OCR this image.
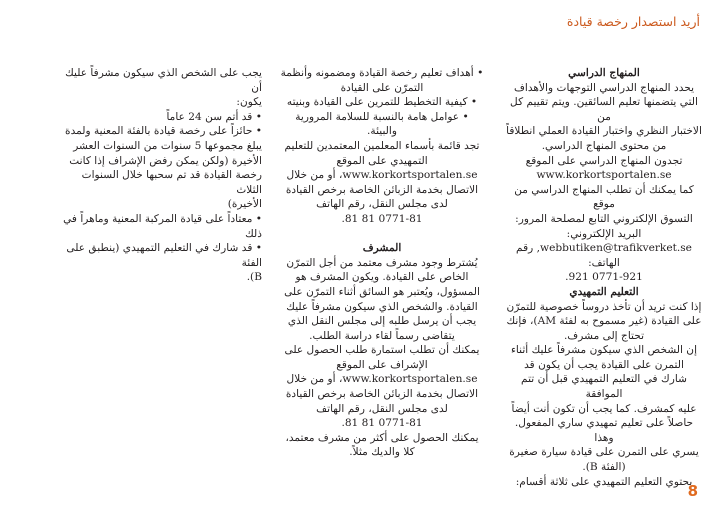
أريد استصدار رخصة قيادة

المنهاج الدراسي

يحدد المنهاج الدراسي التوجهات والأهداف

التي يتضمنها تعليم السائقين. ويتم تقييم كل من

الاختبار النظري واختبار القيادة العملي انطلاقاً

من محتوى المنهاج الدراسي.

تجدون المنهاج الدراسي على الموقع

www.korkortsportalen.se

كما يمكنك أن تطلب المنهاج الدراسي من موقع

التسوق الإلكتروني التابع لمصلحة المرور:

البريد الإلكتروني:

webbutiken@trafikverket.se, رقم

الهاتف:

0771-921 921.

التعليم التمهيدي

إذا كنت تريد أن تأخذ دروساً خصوصية للتمرّن

على القيادة (غير مسموح به لفئة AM)، فإنك

تحتاج إلى مشرف.

إن الشخص الذي سيكون مشرفاً عليك أثناء

التمرن على القيادة يجب أن يكون قد

شارك في التعليم التمهيدي قبل أن تتم الموافقة

عليه كمشرف. كما يجب أن تكون أنت أيضاً

حاصلاً على تعليم تمهيدي ساري المفعول. وهذا

يسري على التمرن على قيادة سيارة صغيرة

(الفئة B).

يحتوي التعليم التمهيدي على ثلاثة أقسام:

• أهداف تعليم رخصة القيادة ومضمونه وأنظمة

التمرّن على القيادة

• كيفية التخطيط للتمرين على القيادة وبنيته

• عوامل هامة بالنسبة للسلامة المرورية والبيئة.

تجد قائمة بأسماء المعلمين المعتمدين للتعليم

التمهيدي على الموقع

www.korkortsportalen.se، أو من خلال

الاتصال بخدمة الزبائن الخاصة برخص القيادة

لدى مجلس النقل، رقم الهاتف

0771-81 81 81.

المشرف

يُشترط وجود مشرف معتمد من أجل التمرّن

الخاص على القيادة. ويكون المشرف هو

المسؤول، ويُعتبر هو السائق أثناء التمرّن على

القيادة. والشخص الذي سيكون مشرفاً عليك

يجب أن يرسل طلبه إلى مجلس النقل الذي

يتقاضى رسماً لقاء دراسة الطلب.

يمكنك أن تطلب استمارة طلب الحصول على

الإشراف على الموقع

www.korkortsportalen.se، أو من خلال

الاتصال بخدمة الزبائن الخاصة برخص القيادة

لدى مجلس النقل، رقم الهاتف

0771-81 81 81.

يمكنك الحصول على أكثر من مشرف معتمد،

كلا والديك مثلاً.

يجب على الشخص الذي سيكون مشرفاً عليك أن

يكون:

• قد أتم سن 24 عاماً

• حائزاً على رخصة قيادة بالفئة المعنية ولمدة

يبلغ مجموعها 5 سنوات من السنوات العشر

الأخيرة (ولكن يمكن رفض الإشراف إذا كانت

رخصة القيادة قد تم سحبها خلال السنوات الثلاث

الأخيرة)

• معتاداً على قيادة المركبة المعنية وماهراً في

ذلك

• قد شارك في التعليم التمهيدي (ينطبق على الفئة

B).

8
